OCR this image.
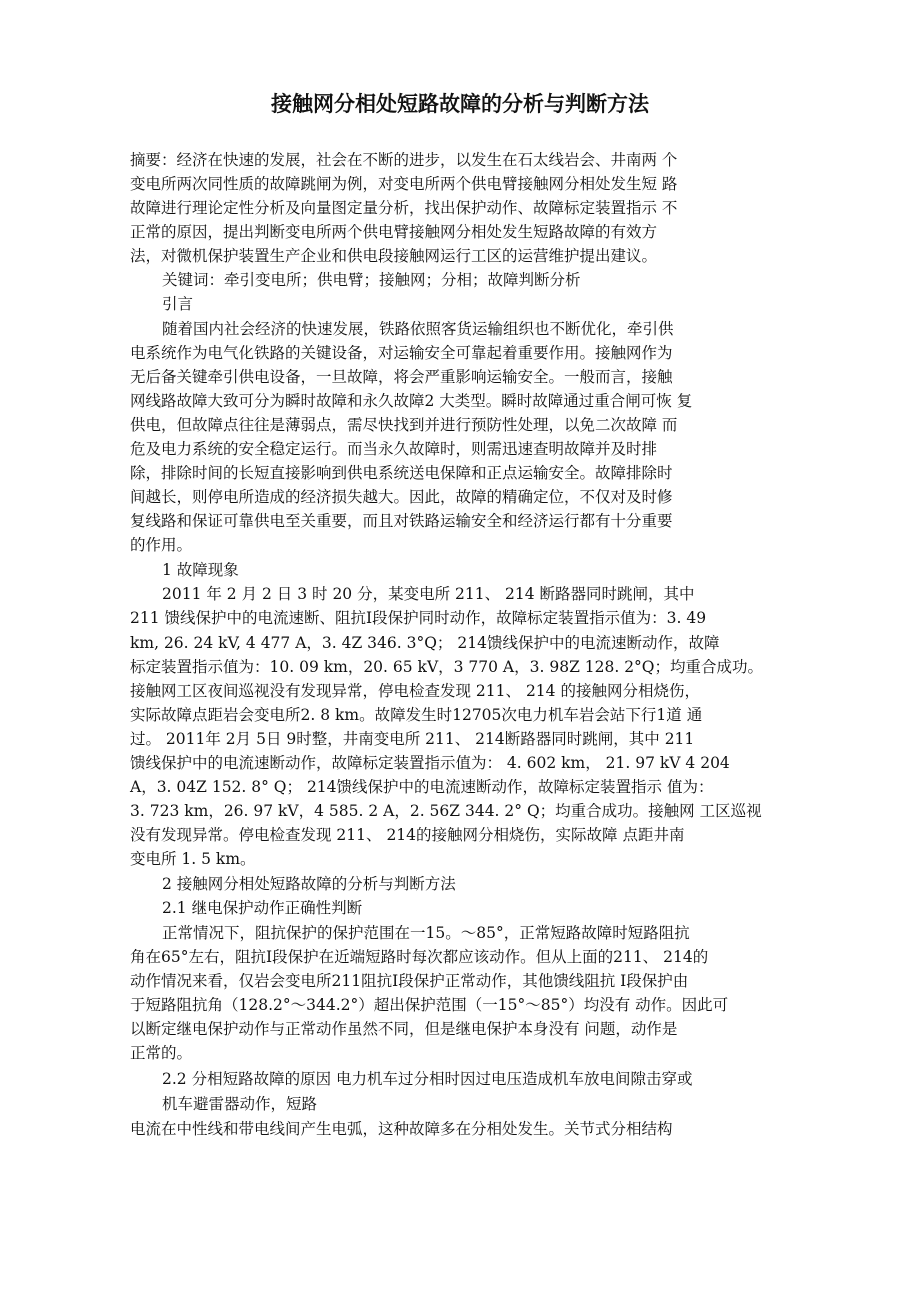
接触网分相处短路故障的分析与判断方法

摘要：经济在快速的发展，社会在不断的进步，以发生在石太线岩会、井南两 个

变电所两次同性质的故障跳闸为例，对变电所两个供电臂接触网分相处发生短 路

故障进行理论定性分析及向量图定量分析，找出保护动作、故障标定装置指示 不

正常的原因，提出判断变电所两个供电臂接触网分相处发生短路故障的有效方

法，对微机保护装置生产企业和供电段接触网运行工区的运营维护提出建议。

关键词：牵引变电所；供电臂；接触网；分相；故障判断分析

引言

随着国内社会经济的快速发展，铁路依照客货运输组织也不断优化，牵引供

电系统作为电气化铁路的关键设备，对运输安全可靠起着重要作用。接触网作为

无后备关键牵引供电设备，一旦故障，将会严重影响运输安全。一般而言，接触

网线路故障大致可分为瞬时故障和永久故障2 大类型。瞬时故障通过重合闸可恢 复

供电，但故障点往往是薄弱点，需尽快找到并进行预防性处理，以免二次故障 而

危及电力系统的安全稳定运行。而当永久故障时，则需迅速查明故障并及时排

除，排除时间的长短直接影响到供电系统送电保障和正点运输安全。故障排除时

间越长，则停电所造成的经济损失越大。因此，故障的精确定位，不仅对及时修

复线路和保证可靠供电至关重要，而且对铁路运输安全和经济运行都有十分重要

的作用。

1 故障现象

2011 年 2 月 2 日 3 时 20 分，某变电所 211、 214 断路器同时跳闸，其中

211 馈线保护中的电流速断、阻抗I段保护同时动作，故障标定装置指示值为：3. 49

km, 26. 24 kV, 4 477 A，3. 4Z 346. 3°Q； 214馈线保护中的电流速断动作，故障

标定装置指示值为：10. 09 km，20. 65 kV，3 770 A，3. 98Z 128. 2°Q；均重合成功。

接触网工区夜间巡视没有发现异常，停电检查发现 211、 214 的接触网分相烧伤，

实际故障点距岩会变电所2. 8 km。故障发生时12705次电力机车岩会站下行1道 通

过。 2011年 2月 5日 9时整，井南变电所 211、 214断路器同时跳闸，其中 211

馈线保护中的电流速断动作，故障标定装置指示值为： 4. 602 km， 21. 97 kV 4 204

A，3. 04Z 152. 8° Q； 214馈线保护中的电流速断动作，故障标定装置指示 值为：

3. 723 km，26. 97 kV，4 585. 2 A，2. 56Z 344. 2° Q；均重合成功。接触网 工区巡视

没有发现异常。停电检查发现 211、 214的接触网分相烧伤，实际故障 点距井南

变电所 1. 5 km。

2 接触网分相处短路故障的分析与判断方法

2.1 继电保护动作正确性判断

正常情况下，阻抗保护的保护范围在一15。〜85°，正常短路故障时短路阻抗

角在65°左右，阻抗I段保护在近端短路时每次都应该动作。但从上面的211、 214的

动作情况来看，仅岩会变电所211阻抗I段保护正常动作，其他馈线阻抗 Ⅰ段保护由

于短路阻抗角（128.2°〜344.2°）超出保护范围（一15°〜85°）均没有 动作。因此可

以断定继电保护动作与正常动作虽然不同，但是继电保护本身没有 问题，动作是

正常的。

2.2 分相短路故障的原因 电力机车过分相时因过电压造成机车放电间隙击穿或

机车避雷器动作，短路

电流在中性线和带电线间产生电弧，这种故障多在分相处发生。关节式分相结构
